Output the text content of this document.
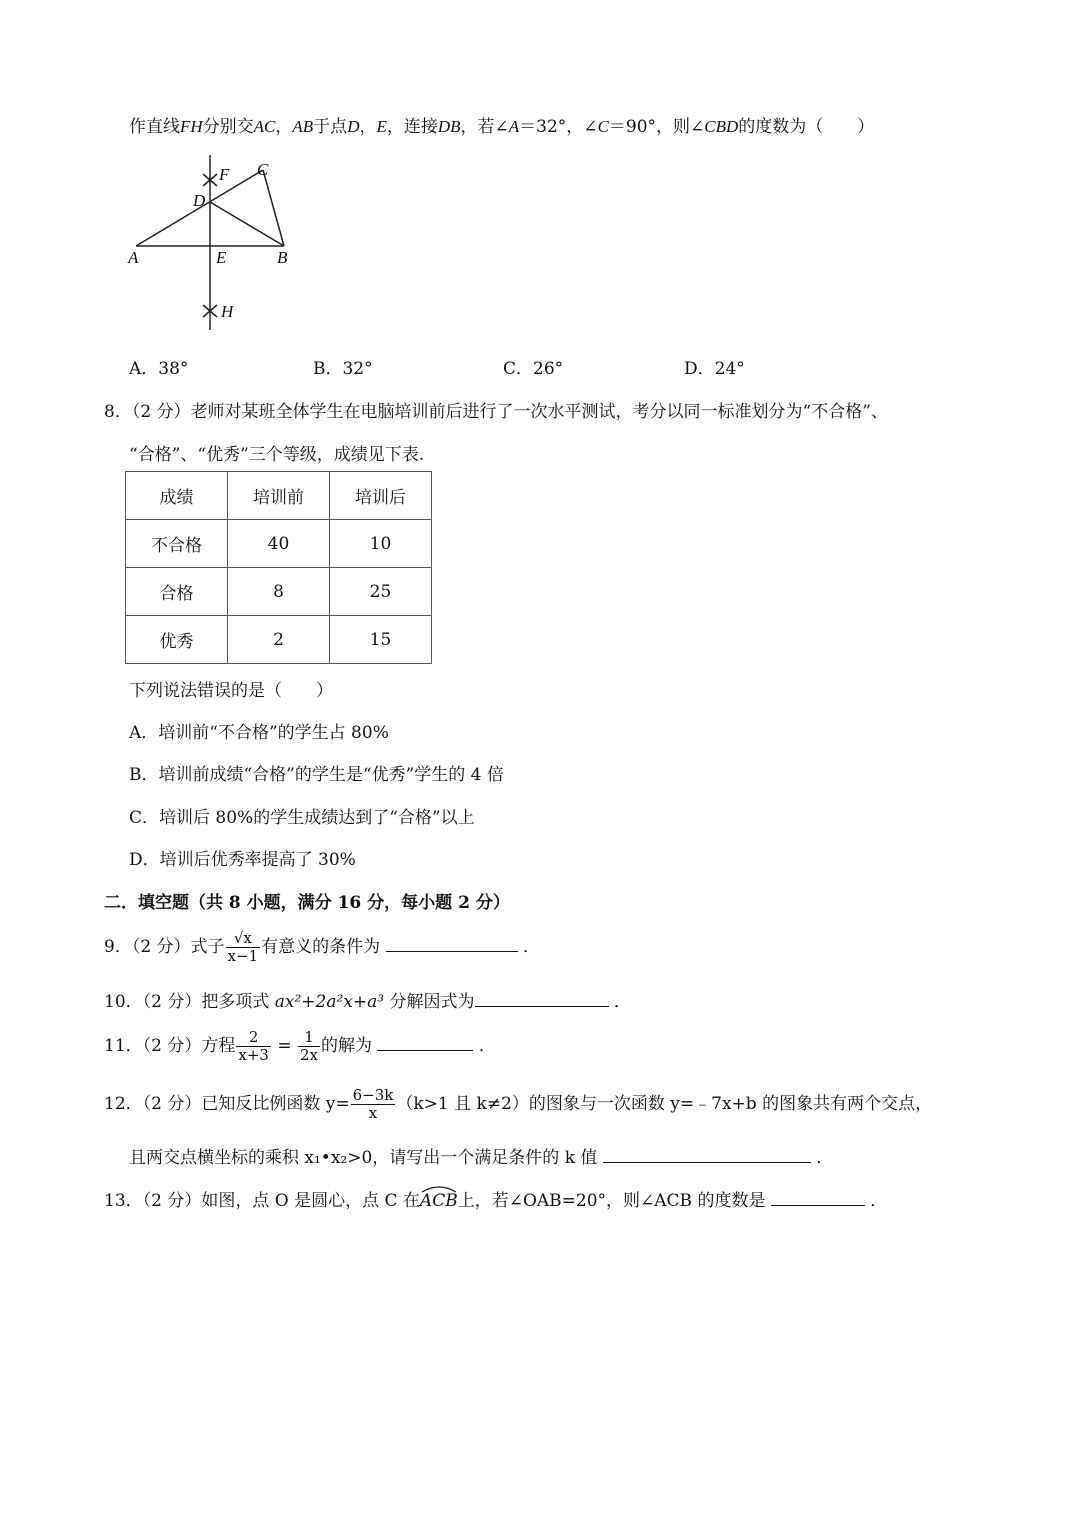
作直线FH分别交AC，AB于点D，E，连接DB，若∠A＝32°，∠C＝90°，则∠CBD的度数为（　　）
F C
D
A	E	B
H
A．38°	B．32°	C．26°	D．24°
8．（2 分）老师对某班全体学生在电脑培训前后进行了一次水平测试，考分以同一标准划分为“不合格”、
“合格”、“优秀”三个等级，成绩见下表.
成绩	培训前	培训后
不合格	40	10
合格	8	25
优秀	2	15
下列说法错误的是（　　）
A．培训前“不合格”的学生占 80%
B．培训前成绩“合格”的学生是“优秀”学生的 4 倍
C．培训后 80%的学生成绩达到了“合格”以上
D．培训后优秀率提高了 30%
二．填空题（共 8 小题，满分 16 分，每小题 2 分）
9．（2 分）式子 $\frac{√x}{x-1}$ 有意义的条件为	．
10．（2 分）把多项式 ax²+2a²x+a³ 分解因式为	．
11．（2 分）方程 $\frac{2}{x+3} = \frac{1}{2x}$ 的解为	．
12．（2 分）已知反比例函数 $y= \frac{6-3k}{x} (k>1$ 且 k≠2）的图象与一次函数 y=﹣7x+b 的图象共有两个交点，
且两交点横坐标的乘积 x₁•x₂>0，请写出一个满足条件的 k 值	．
13．（2 分）如图，点 O 是圆心，点 C 在
ACB上，若∠OAB=20°，则∠ACB 的度数是	．
